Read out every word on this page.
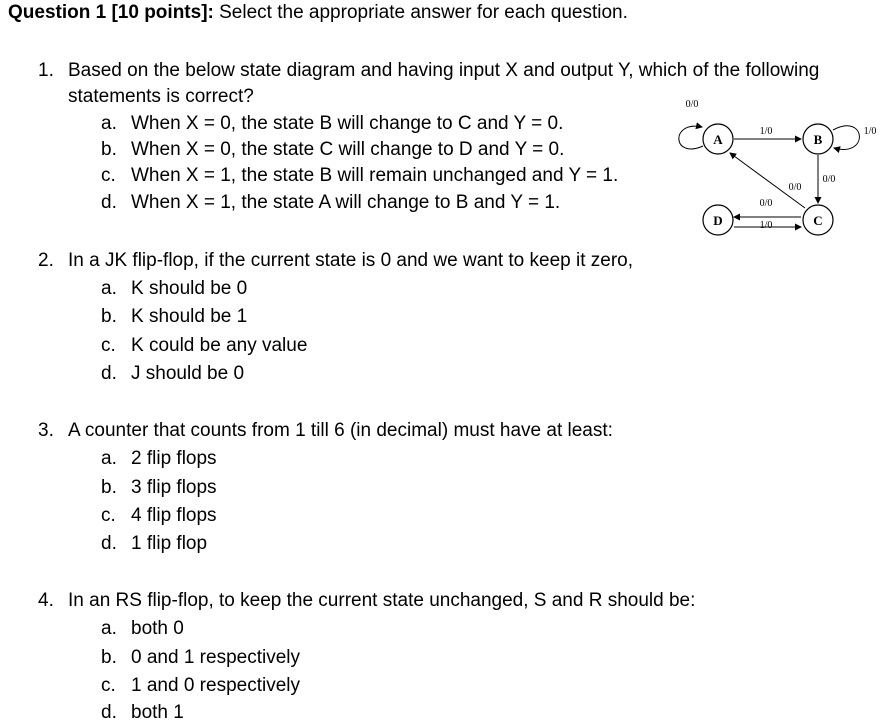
Question 1 [10 points]: Select the appropriate answer for each question.
1. Based on the below state diagram and having input X and output Y, which of the following
statements is correct?
a. When X = 0, the state B will change to C and Y = 0.
b. When X = 0, the state C will change to D and Y = 0.
c. When X = 1, the state B will remain unchanged and Y = 1.
d. When X = 1, the state A will change to B and Y = 1.
A	B
C
D
0/0
1/0	1/0
0/0
0/0
0/0
1/0
2. In a JK flip-flop, if the current state is 0 and we want to keep it zero,
a. K should be 0
b. K should be 1
c. K could be any value
d. J should be 0
3. A counter that counts from 1 till 6 (in decimal) must have at least:
a. 2 flip flops
b. 3 flip flops
c. 4 flip flops
d. 1 flip flop
4. In an RS flip-flop, to keep the current state unchanged, S and R should be:
a. both 0
b. 0 and 1 respectively
c. 1 and 0 respectively
d. both 1
